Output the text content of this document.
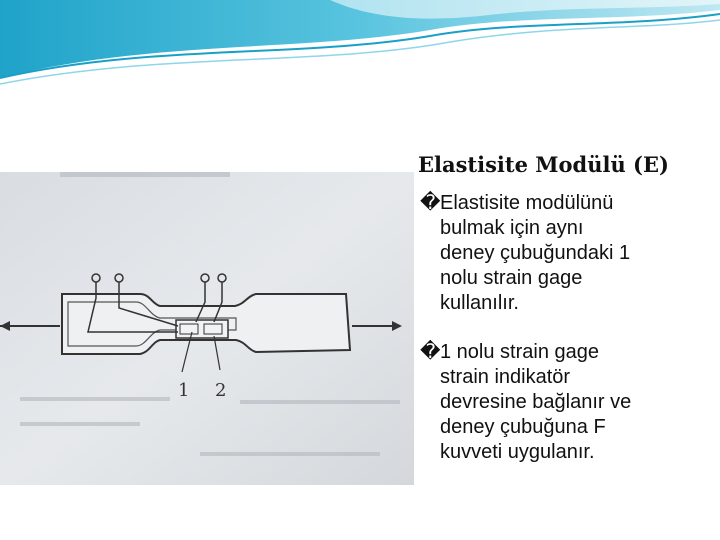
1 2
Elastisite Modülü (E)
� Elastisite modülünü
bulmak için aynı
deney çubuğundaki 1
nolu strain gage
kullanılır.
� 1 nolu strain gage
strain indikatör
devresine bağlanır ve
deney çubuğuna F
kuvveti uygulanır.
